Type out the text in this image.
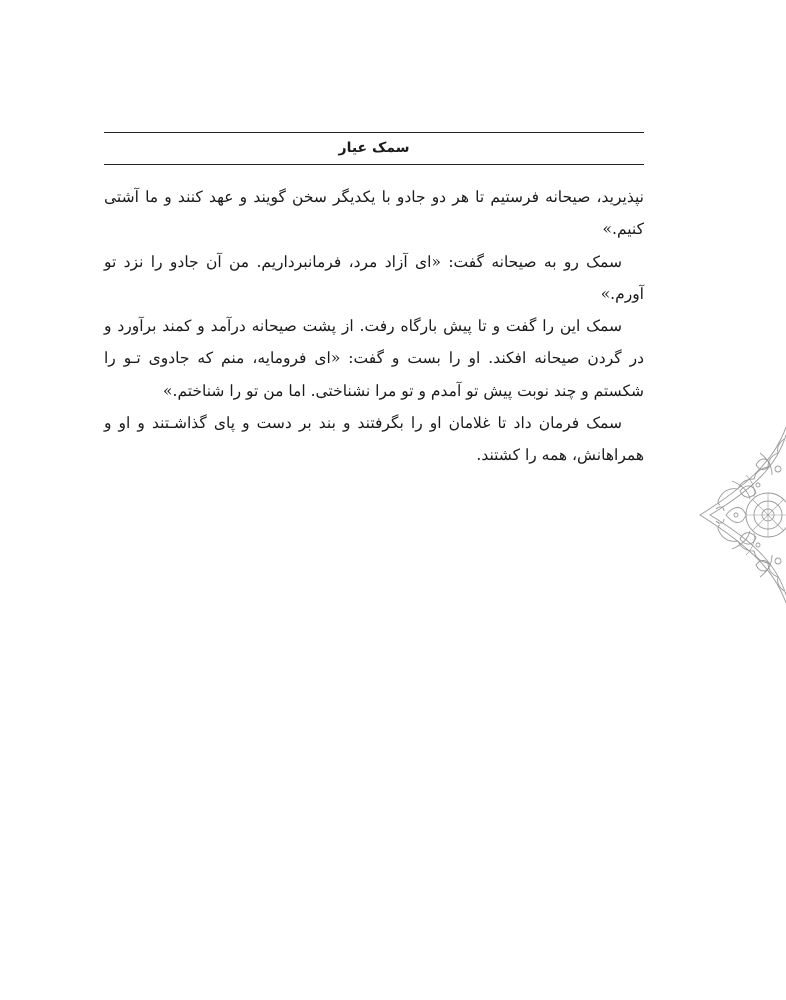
سمک عیار

نپذیرید، صیحانه فرستیم تا هر دو جادو با یکدیگر سخن گویند و عهد کنند و ما آشتی کنیم.»

سمک رو به صیحانه گفت: «ای آزاد مرد، فرمانبرداریم. من آن جادو را نزد تو آورم.»

سمک این را گفت و تا پیش بارگاه رفت. از پشت صیحانه درآمد و کمند برآورد و در گردن صیحانه افکند. او را بست و گفت: «ای فرومایه، منم که جادوی تـو را شکستم و چند نوبت پیش تو آمدم و تو مرا نشناختی. اما من تو را شناختم.»

سمک فرمان داد تا غلامان او را بگرفتند و بند بر دست و پای گذاشـتند و او و همراهانش، همه را کشتند.
